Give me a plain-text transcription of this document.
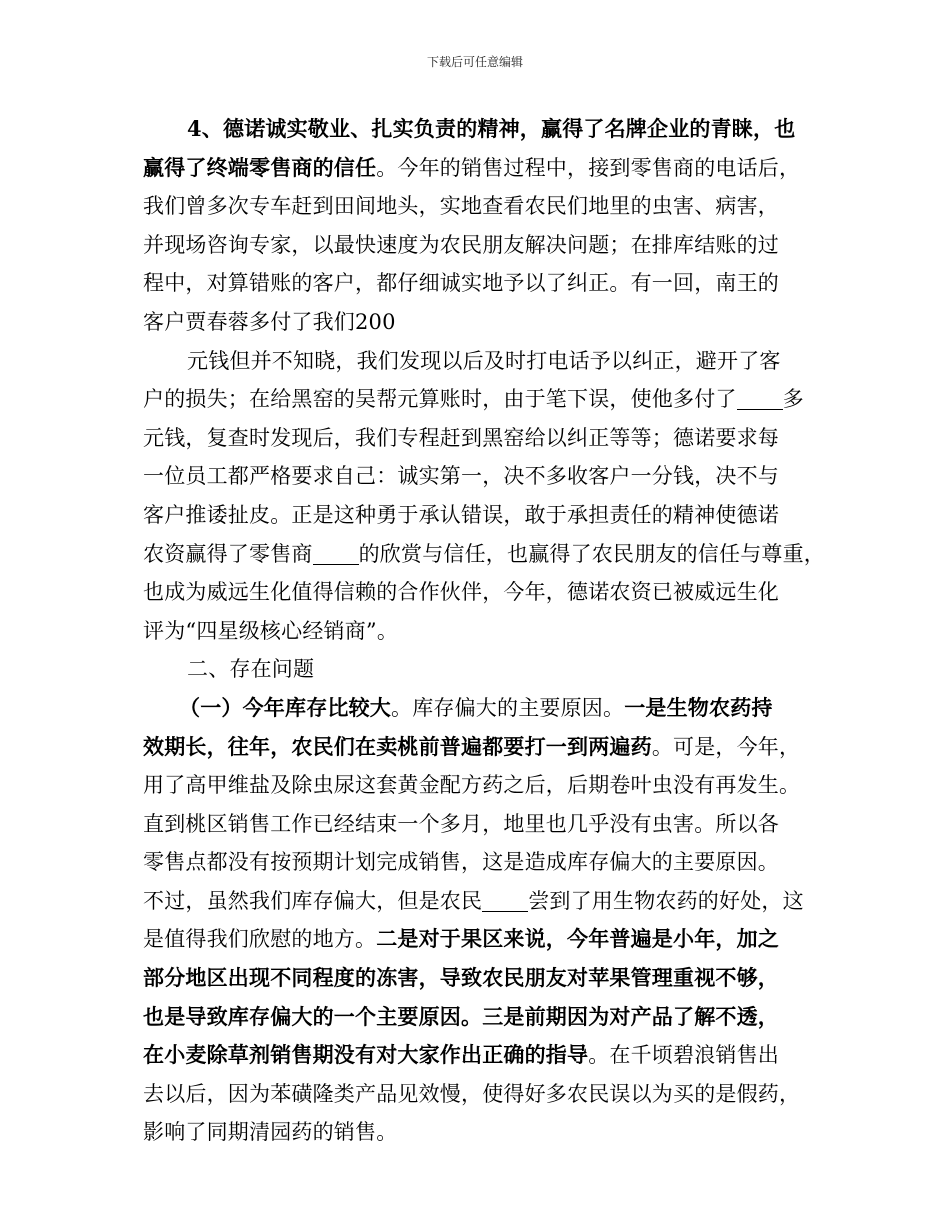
下载后可任意编辑
4、德诺诚实敬业、扎实负责的精神，赢得了名牌企业的青睐，也
赢得了终端零售商的信任。今年的销售过程中，接到零售商的电话后，
我们曾多次专车赶到田间地头，实地查看农民们地里的虫害、病害，
并现场咨询专家，以最快速度为农民朋友解决问题；在排库结账的过
程中，对算错账的客户，都仔细诚实地予以了纠正。有一回，南王的
客户贾春蓉多付了我们200
元钱但并不知晓，我们发现以后及时打电话予以纠正，避开了客
户的损失；在给黑窑的吴帮元算账时，由于笔下误，使他多付了 多
元钱，复查时发现后，我们专程赶到黑窑给以纠正等等；德诺要求每
一位员工都严格要求自己：诚实第一，决不多收客户一分钱，决不与
客户推诿扯皮。正是这种勇于承认错误，敢于承担责任的精神使德诺
农资赢得了零售商 的欣赏与信任，也赢得了农民朋友的信任与尊重，
也成为威远生化值得信赖的合作伙伴，今年，德诺农资已被威远生化
评为“四星级核心经销商”。
二、存在问题
（一）今年库存比较大。库存偏大的主要原因。一是生物农药持
效期长，往年，农民们在卖桃前普遍都要打一到两遍药。可是，今年，
用了高甲维盐及除虫尿这套黄金配方药之后，后期卷叶虫没有再发生。
直到桃区销售工作已经结束一个多月，地里也几乎没有虫害。所以各
零售点都没有按预期计划完成销售，这是造成库存偏大的主要原因。
不过，虽然我们库存偏大，但是农民 尝到了用生物农药的好处，这
是值得我们欣慰的地方。二是对于果区来说，今年普遍是小年，加之
部分地区出现不同程度的冻害，导致农民朋友对苹果管理重视不够，
也是导致库存偏大的一个主要原因。三是前期因为对产品了解不透，
在小麦除草剂销售期没有对大家作出正确的指导。在千顷碧浪销售出
去以后，因为苯磺隆类产品见效慢，使得好多农民误以为买的是假药，
影响了同期清园药的销售。
